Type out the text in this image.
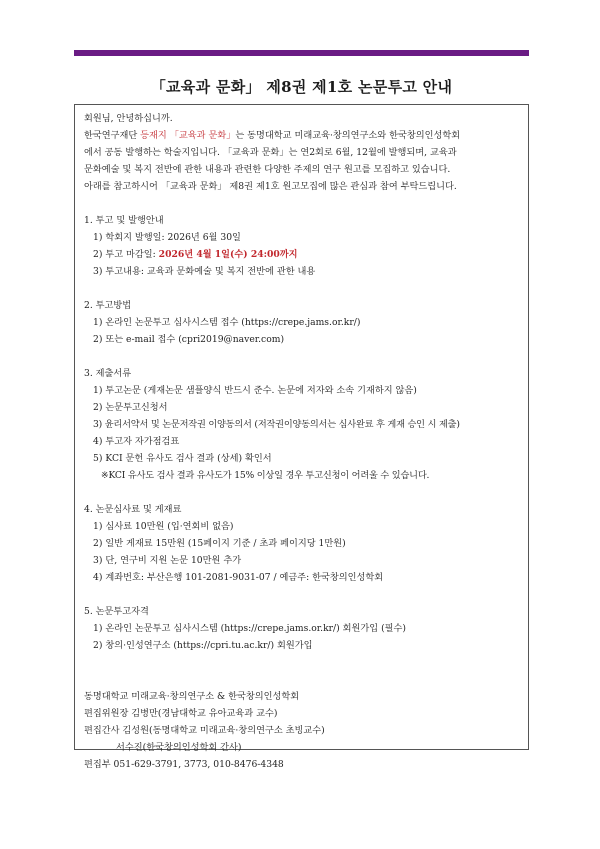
「교육과 문화」 제8권 제1호 논문투고 안내
회원님, 안녕하십니까.
한국연구재단 등재지 「교육과 문화」는 동명대학교 미래교육·창의연구소와 한국창의인성학회
에서 공동 발행하는 학술지입니다. 「교육과 문화」는 연2회로 6월, 12월에 발행되며, 교육과
문화예술 및 복지 전반에 관한 내용과 관련한 다양한 주제의 연구 원고를 모집하고 있습니다.
아래를 참고하시어 「교육과 문화」 제8권 제1호 원고모집에 많은 관심과 참여 부탁드립니다.
1. 투고 및 발행안내
1) 학회지 발행일: 2026년 6월 30일
2) 투고 마감일: 2026년 4월 1일(수) 24:00까지
3) 투고내용: 교육과 문화예술 및 복지 전반에 관한 내용
2. 투고방법
1) 온라인 논문투고 심사시스템 접수 (https://crepe.jams.or.kr/)
2) 또는 e-mail 접수 (cpri2019@naver.com)
3. 제출서류
1) 투고논문 (게재논문 샘플양식 반드시 준수. 논문에 저자와 소속 기재하지 않음)
2) 논문투고신청서
3) 윤리서약서 및 논문저작권 이양동의서 (저작권이양동의서는 심사완료 후 게재 승인 시 제출)
4) 투고자 자가점검표
5) KCI 문헌 유사도 검사 결과 (상세) 확인서
※KCI 유사도 검사 결과 유사도가 15% 이상일 경우 투고신청이 어려울 수 있습니다.
4. 논문심사료 및 게재료
1) 심사료 10만원 (입·연회비 없음)
2) 일반 게재료 15만원 (15페이지 기준 / 초과 페이지당 1만원)
3) 단, 연구비 지원 논문 10만원 추가
4) 계좌번호: 부산은행 101-2081-9031-07 / 예금주: 한국창의인성학회
5. 논문투고자격
1) 온라인 논문투고 심사시스템 (https://crepe.jams.or.kr/) 회원가입 (필수)
2) 창의·인성연구소 (https://cpri.tu.ac.kr/) 회원가입
동명대학교 미래교육·창의연구소 & 한국창의인성학회
편집위원장 김병만(경남대학교 유아교육과 교수)
편집간사 김성원(동명대학교 미래교육·창의연구소 초빙교수)
서수진(한국창의인성학회 간사)
편집부 051-629-3791, 3773, 010-8476-4348
